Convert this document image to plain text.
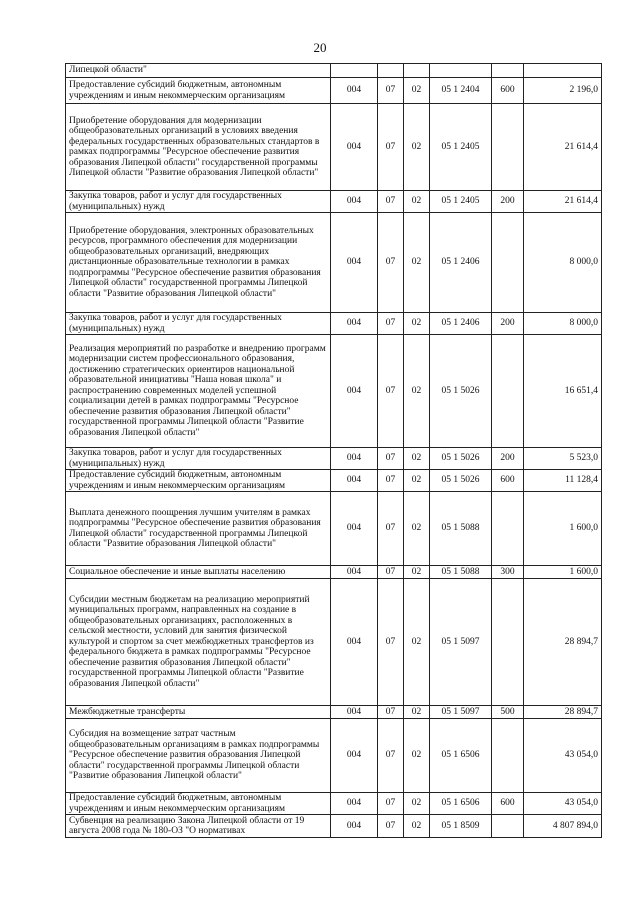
20
Липецкой области"						
Предоставление субсидий бюджетным, автономным учреждениям и иным некоммерческим организациям	004	07	02	05 1 2404	600	2 196,0
Приобретение оборудования для модернизации общеобразовательных организаций в условиях введения федеральных государственных образовательных стандартов в рамках подпрограммы "Ресурсное обеспечение развития образования Липецкой области" государственной программы Липецкой области "Развитие образования Липецкой области"	004	07	02	05 1 2405		21 614,4
Закупка товаров, работ и услуг для государственных (муниципальных) нужд	004	07	02	05 1 2405	200	21 614,4
Приобретение оборудования, электронных образовательных ресурсов, программного обеспечения для модернизации общеобразовательных организаций, внедряющих дистанционные образовательные технологии в рамках подпрограммы "Ресурсное обеспечение развития образования Липецкой области" государственной программы Липецкой области "Развитие образования Липецкой области"	004	07	02	05 1 2406		8 000,0
Закупка товаров, работ и услуг для государственных (муниципальных) нужд	004	07	02	05 1 2406	200	8 000,0
Реализация мероприятий по разработке и внедрению программ модернизации систем профессионального образования, достижению стратегических ориентиров национальной образовательной инициативы "Наша новая школа" и распространению современных моделей успешной социализации детей в рамках подпрограммы "Ресурсное обеспечение развития образования Липецкой области" государственной программы Липецкой области "Развитие образования Липецкой области"	004	07	02	05 1 5026		16 651,4
Закупка товаров, работ и услуг для государственных (муниципальных) нужд	004	07	02	05 1 5026	200	5 523,0
Предоставление субсидий бюджетным, автономным учреждениям и иным некоммерческим организациям	004	07	02	05 1 5026	600	11 128,4
Выплата денежного поощрения лучшим учителям в рамках подпрограммы "Ресурсное обеспечение развития образования Липецкой области" государственной программы Липецкой области "Развитие образования Липецкой области"	004	07	02	05 1 5088		1 600,0
Социальное обеспечение и иные выплаты населению	004	07	02	05 1 5088	300	1 600,0
Субсидии местным бюджетам на реализацию мероприятий муниципальных программ, направленных на создание в общеобразовательных организациях, расположенных в сельской местности, условий для занятия физической культурой и спортом за счет межбюджетных трансфертов из федерального бюджета в рамках подпрограммы "Ресурсное обеспечение развития образования Липецкой области" государственной программы Липецкой области "Развитие образования Липецкой области"	004	07	02	05 1 5097		28 894,7
Межбюджетные трансферты	004	07	02	05 1 5097	500	28 894,7
Субсидия на возмещение затрат частным общеобразовательным организациям в рамках подпрограммы "Ресурсное обеспечение развития образования Липецкой области" государственной программы Липецкой области "Развитие образования Липецкой области"	004	07	02	05 1 6506		43 054,0
Предоставление субсидий бюджетным, автономным учреждениям и иным некоммерческим организациям	004	07	02	05 1 6506	600	43 054,0
Субвенция на реализацию Закона Липецкой области от 19 августа 2008 года № 180-ОЗ "О нормативах	004	07	02	05 1 8509		4 807 894,0
